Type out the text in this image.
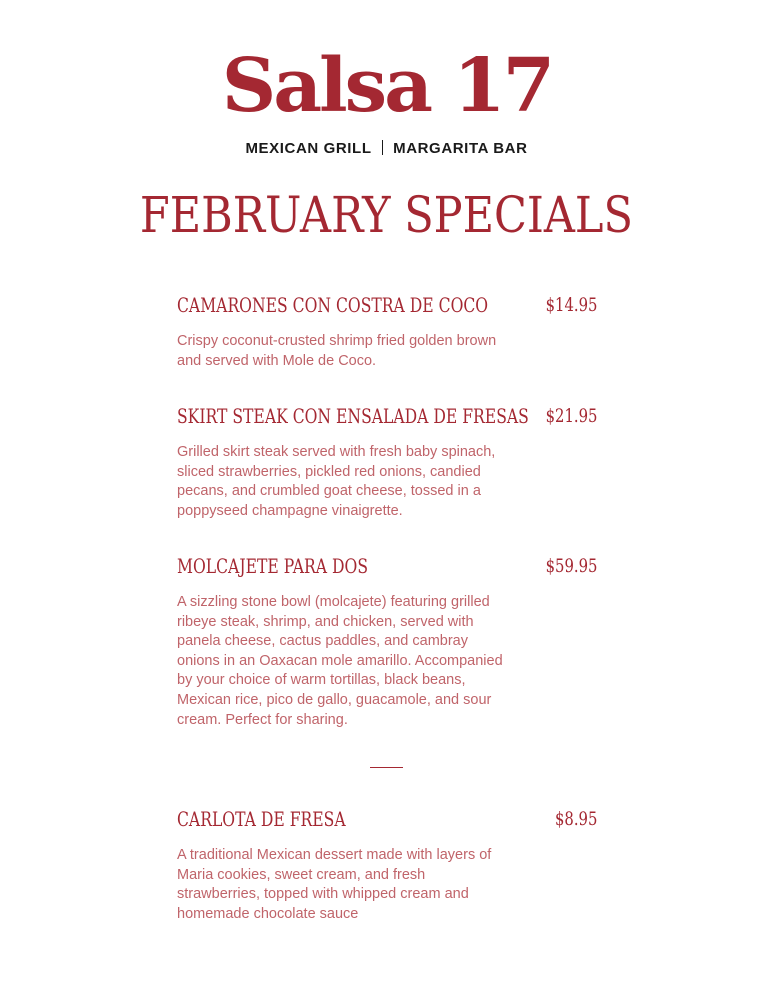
Salsa 17
MEXICAN GRILL MARGARITA BAR
FEBRUARY SPECIALS
CAMARONES CON COSTRA DE COCO	$14.95

Crispy coconut-crusted shrimp fried golden brown and served with Mole de Coco.

SKIRT STEAK CON ENSALADA DE FRESAS $21.95

Grilled skirt steak served with fresh baby spinach, sliced strawberries, pickled red onions, candied pecans, and crumbled goat cheese, tossed in a poppyseed champagne vinaigrette.

MOLCAJETE PARA DOS	$59.95

A sizzling stone bowl (molcajete) featuring grilled ribeye steak, shrimp, and chicken, served with panela cheese, cactus paddles, and cambray onions in an Oaxacan mole amarillo. Accompanied by your choice of warm tortillas, black beans, Mexican rice, pico de gallo, guacamole, and sour cream. Perfect for sharing.

CARLOTA DE FRESA	$8.95

A traditional Mexican dessert made with layers of Maria cookies, sweet cream, and fresh strawberries, topped with whipped cream and homemade chocolate sauce
